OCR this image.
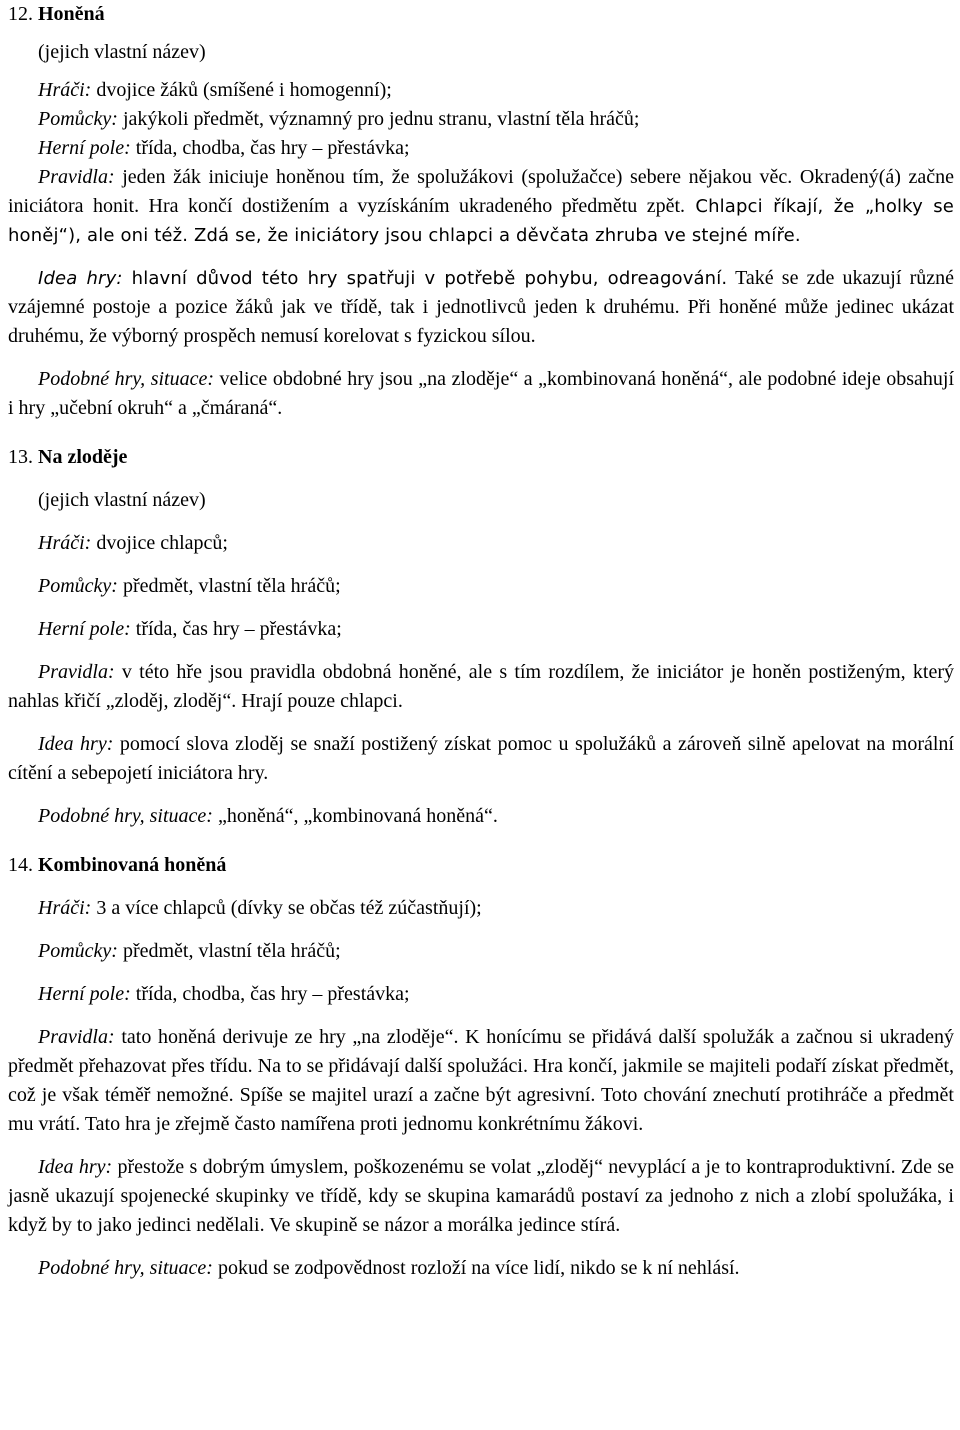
12. Honěná

(jejich vlastní název)

Hráči: dvojice žáků (smíšené i homogenní);

Pomůcky: jakýkoli předmět, významný pro jednu stranu, vlastní těla hráčů;

Herní pole: třída, chodba, čas hry – přestávka;

Pravidla: jeden žák iniciuje honěnou tím, že spolužákovi (spolužačce) sebere nějakou věc. Okradený(á) začne iniciátora honit. Hra končí dostižením a vyzískáním ukradeného předmětu zpět. Chlapci říkají, že „holky se honěj“), ale oni též. Zdá se, že iniciátory jsou chlapci a děvčata zhruba ve stejné míře.

Idea hry: hlavní důvod této hry spatřuji v potřebě pohybu, odreagování. Také se zde ukazují různé vzájemné postoje a pozice žáků jak ve třídě, tak i jednotlivců jeden k druhému. Při honěné může jedinec ukázat druhému, že výborný prospěch nemusí korelovat s fyzickou sílou.

Podobné hry, situace: velice obdobné hry jsou „na zloděje“ a „kombinovaná honěná“, ale podobné ideje obsahují i hry „učební okruh“ a „čmáraná“.

13. Na zloděje

(jejich vlastní název)

Hráči: dvojice chlapců;

Pomůcky: předmět, vlastní těla hráčů;

Herní pole: třída, čas hry – přestávka;

Pravidla: v této hře jsou pravidla obdobná honěné, ale s tím rozdílem, že iniciátor je honěn postiženým, který nahlas křičí „zloděj, zloděj“. Hrají pouze chlapci.

Idea hry: pomocí slova zloděj se snaží postižený získat pomoc u spolužáků a zároveň silně apelovat na morální cítění a sebepojetí iniciátora hry.

Podobné hry, situace: „honěná“, „kombinovaná honěná“.

14. Kombinovaná honěná

Hráči: 3 a více chlapců (dívky se občas též zúčastňují);

Pomůcky: předmět, vlastní těla hráčů;

Herní pole: třída, chodba, čas hry – přestávka;

Pravidla: tato honěná derivuje ze hry „na zloděje“. K honícímu se přidává další spolužák a začnou si ukradený předmět přehazovat přes třídu. Na to se přidávají další spolužáci. Hra končí, jakmile se majiteli podaří získat předmět, což je však téměř nemožné. Spíše se majitel urazí a začne být agresivní. Toto chování znechutí protihráče a předmět mu vrátí. Tato hra je zřejmě často namířena proti jednomu konkrétnímu žákovi.

Idea hry: přestože s dobrým úmyslem, poškozenému se volat „zloděj“ nevyplácí a je to kontraproduktivní. Zde se jasně ukazují spojenecké skupinky ve třídě, kdy se skupina kamarádů postaví za jednoho z nich a zlobí spolužáka, i když by to jako jedinci nedělali. Ve skupině se názor a morálka jedince stírá.

Podobné hry, situace: pokud se zodpovědnost rozloží na více lidí, nikdo se k ní nehlásí.
